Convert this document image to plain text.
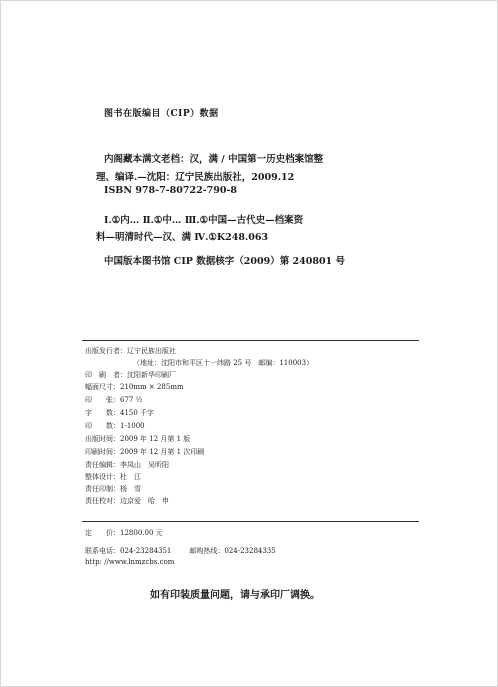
图书在版编目（CIP）数据
内阁藏本满文老档：汉，满 / 中国第一历史档案馆整
理、编译.—沈阳：辽宁民族出版社，2009.12
ISBN 978-7-80722-790-8
Ⅰ.①内… Ⅱ.①中… Ⅲ.①中国—古代史—档案资
料—明清时代—汉、满 Ⅳ.①K248.063
中国版本图书馆 CIP 数据核字（2009）第 240801 号
出版发行者：辽宁民族出版社
（地址：沈阳市和平区十一纬路 25 号　邮编：110003）
印　刷　者：沈阳新华印刷厂
幅面尺寸：210mm × 285mm
印　　张：677 ½
字　　数：4150 千字
印　　数：1-1000
出版时间：2009 年 12 月第 1 版
印刷时间：2009 年 12 月第 1 次印刷
责任编辑：李凤山　吴昕阳
整体设计：杜　江
责任印制：杨　雪
责任校对：边京爱　哈　申
定　　价：12800.00 元
联系电话：024-23284351	邮购热线：024-23284335
http: //www.lnmzcbs.com
如有印装质量问题，请与承印厂调换。
